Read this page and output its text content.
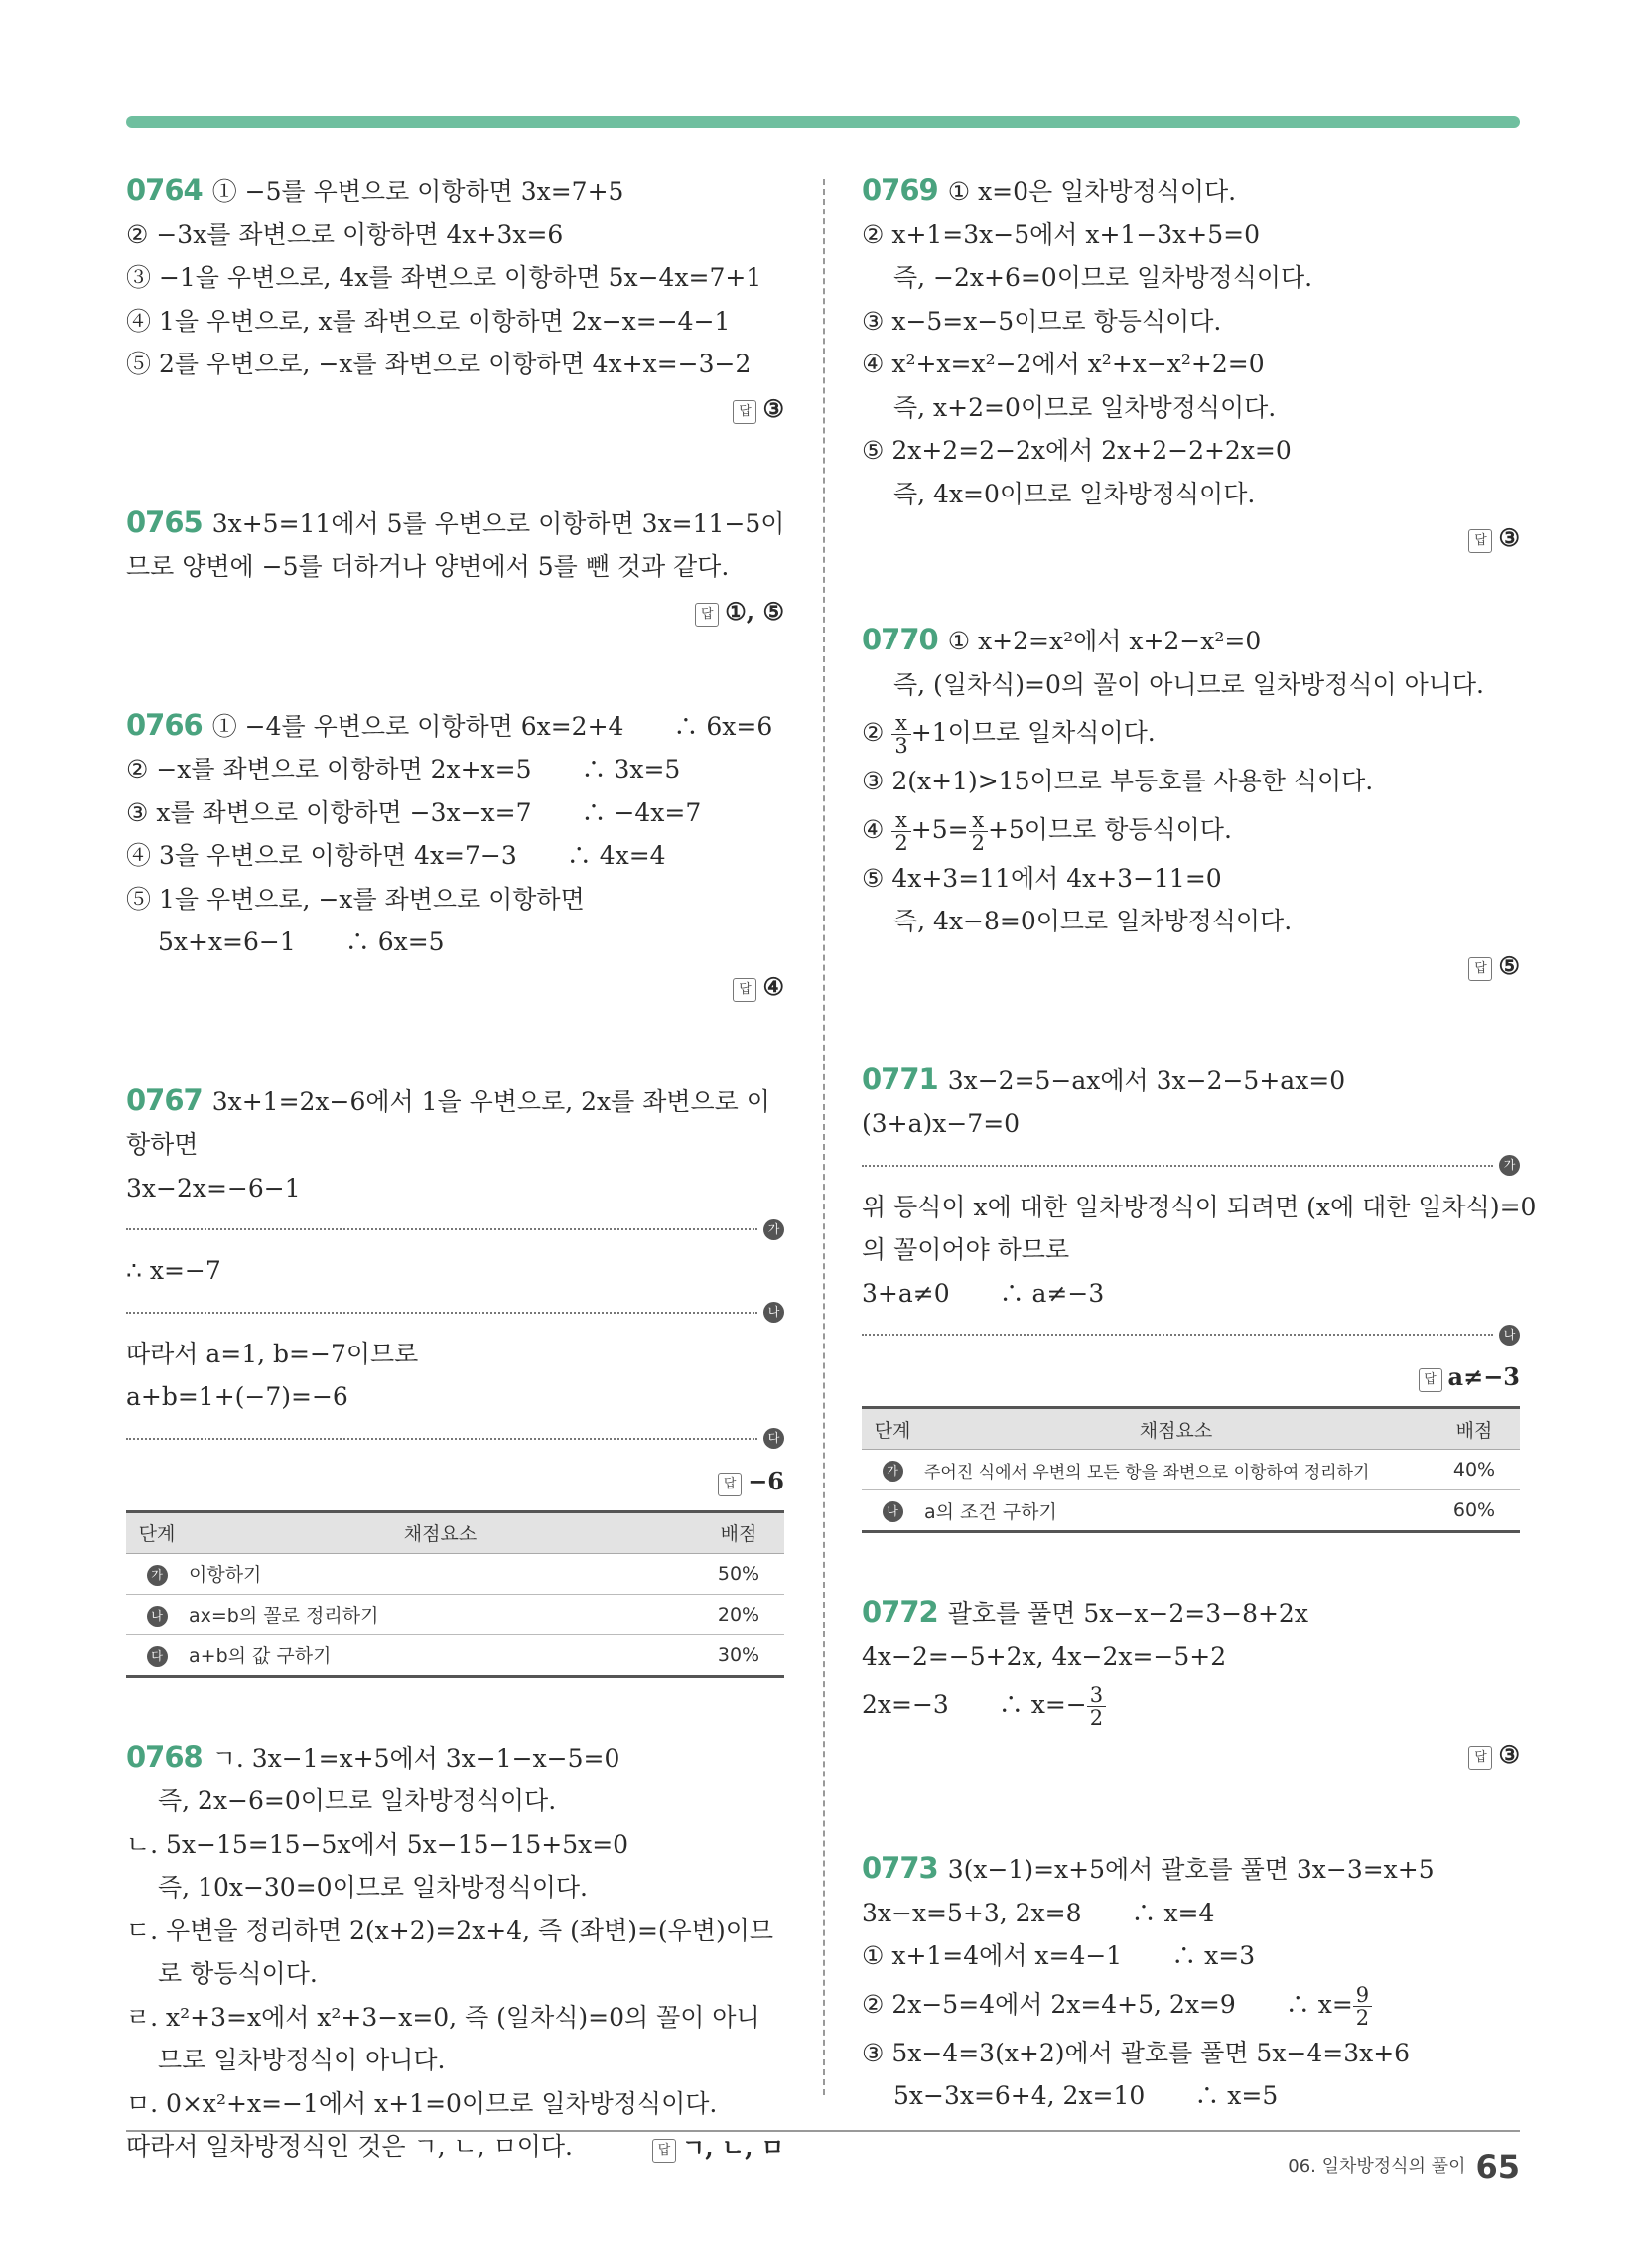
0764 ① −5를 우변으로 이항하면 3x=7+5
② −3x를 좌변으로 이항하면 4x+3x=6
③ −1을 우변으로, 4x를 좌변으로 이항하면 5x−4x=7+1
④ 1을 우변으로, x를 좌변으로 이항하면 2x−x=−4−1
⑤ 2를 우변으로, −x를 좌변으로 이항하면 4x+x=−3−2
답 ③
0765 3x+5=11에서 5를 우변으로 이항하면 3x=11−5이
므로 양변에 −5를 더하거나 양변에서 5를 뺀 것과 같다.
답 ①, ⑤
0766 ① −4를 우변으로 이항하면 6x=2+4　　∴ 6x=6
② −x를 좌변으로 이항하면 2x+x=5　　∴ 3x=5
③ x를 좌변으로 이항하면 −3x−x=7　　∴ −4x=7
④ 3을 우변으로 이항하면 4x=7−3　　∴ 4x=4
⑤ 1을 우변으로, −x를 좌변으로 이항하면
5x+x=6−1　　∴ 6x=5
답 ④
0767 3x+1=2x−6에서 1을 우변으로, 2x를 좌변으로 이
항하면
3x−2x=−6−1
가
∴ x=−7
나
따라서 a=1, b=−7이므로
a+b=1+(−7)=−6
다
답 −6
단계	채점요소	배점
가	이항하기	50%
나	ax=b의 꼴로 정리하기	20%
다	a+b의 값 구하기	30%
0768 ㄱ. 3x−1=x+5에서 3x−1−x−5=0
즉, 2x−6=0이므로 일차방정식이다.
ㄴ. 5x−15=15−5x에서 5x−15−15+5x=0
즉, 10x−30=0이므로 일차방정식이다.
ㄷ. 우변을 정리하면 2(x+2)=2x+4, 즉 (좌변)=(우변)이므
로 항등식이다.
ㄹ. x²+3=x에서 x²+3−x=0, 즉 (일차식)=0의 꼴이 아니
므로 일차방정식이 아니다.
ㅁ. 0×x²+x=−1에서 x+1=0이므로 일차방정식이다.
따라서 일차방정식인 것은 ㄱ, ㄴ, ㅁ이다.	답 ㄱ, ㄴ, ㅁ
0769 ① x=0은 일차방정식이다.
② x+1=3x−5에서 x+1−3x+5=0
즉, −2x+6=0이므로 일차방정식이다.
③ x−5=x−5이므로 항등식이다.
④ x²+x=x²−2에서 x²+x−x²+2=0
즉, x+2=0이므로 일차방정식이다.
⑤ 2x+2=2−2x에서 2x+2−2+2x=0
즉, 4x=0이므로 일차방정식이다.
답 ③
0770 ① x+2=x²에서 x+2−x²=0
즉, (일차식)=0의 꼴이 아니므로 일차방정식이 아니다.
② $\frac{x}{3} +1$이므로 일차식이다.
③ 2(x+1)>15이므로 부등호를 사용한 식이다.
④ $\frac{x}{2} +5= \frac{x}{2} +5$이므로 항등식이다.
⑤ 4x+3=11에서 4x+3−11=0
즉, 4x−8=0이므로 일차방정식이다.
답 ⑤
0771 3x−2=5−ax에서 3x−2−5+ax=0
(3+a)x−7=0
가
위 등식이 x에 대한 일차방정식이 되려면 (x에 대한 일차식)=0
의 꼴이어야 하므로
3+a≠0　　∴ a≠−3
나
답 a≠−3
단계	채점요소	배점
가	주어진 식에서 우변의 모든 항을 좌변으로 이항하여 정리하기	40%
나	a의 조건 구하기	60%
0772 괄호를 풀면 5x−x−2=3−8+2x
4x−2=−5+2x, 4x−2x=−5+2
2x=−3　　∴ $x=- \frac{3}{2}$
답 ③
0773 3(x−1)=x+5에서 괄호를 풀면 3x−3=x+5
3x−x=5+3, 2x=8　　∴ x=4
① x+1=4에서 x=4−1　　∴ x=3
② 2x−5=4에서 2x=4+5, 2x=9　　∴ $x= \frac{9}{2}$
③ 5x−4=3(x+2)에서 괄호를 풀면 5x−4=3x+6
5x−3x=6+4, 2x=10　　∴ x=5
$^{06. 일차방정식의 풀이}$ 65
